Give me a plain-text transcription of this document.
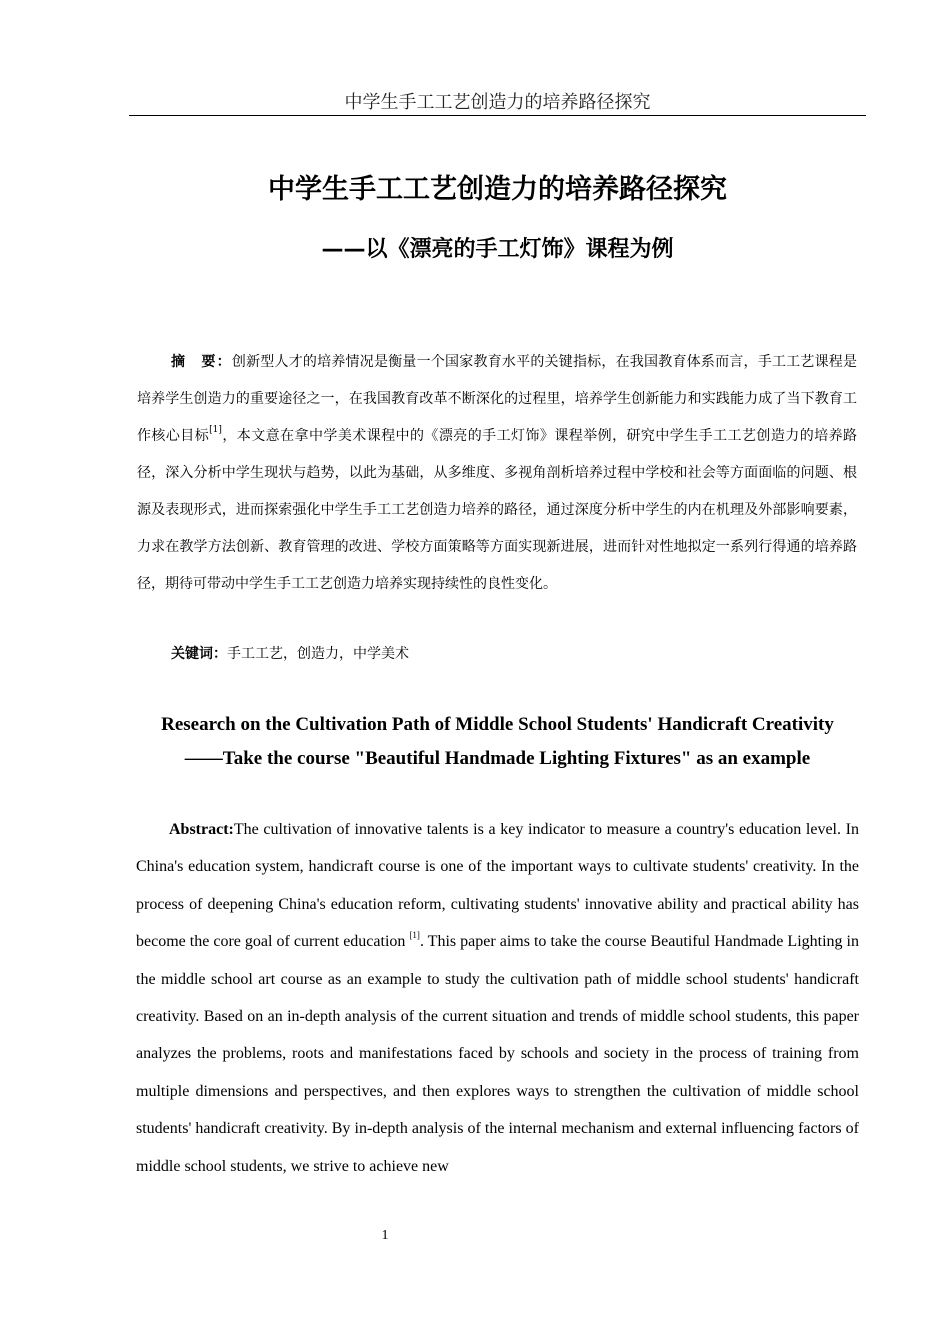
中学生手工工艺创造力的培养路径探究
中学生手工工艺创造力的培养路径探究
——以《漂亮的手工灯饰》课程为例

摘　要：创新型人才的培养情况是衡量一个国家教育水平的关键指标，在我国教育体系而言，手工工艺课程是培养学生创造力的重要途径之一，在我国教育改革不断深化的过程里，培养学生创新能力和实践能力成了当下教育工作核心目标[1]，本文意在拿中学美术课程中的《漂亮的手工灯饰》课程举例，研究中学生手工工艺创造力的培养路径，深入分析中学生现状与趋势，以此为基础，从多维度、多视角剖析培养过程中学校和社会等方面面临的问题、根源及表现形式，进而探索强化中学生手工工艺创造力培养的路径，通过深度分析中学生的内在机理及外部影响要素，力求在教学方法创新、教育管理的改进、学校方面策略等方面实现新进展，进而针对性地拟定一系列行得通的培养路径，期待可带动中学生手工工艺创造力培养实现持续性的良性变化。

关键词：手工工艺，创造力，中学美术

Research on the Cultivation Path of Middle School Students' Handicraft Creativity
——Take the course "Beautiful Handmade Lighting Fixtures" as an example

Abstract:The cultivation of innovative talents is a key indicator to measure a country's education level. In China's education system, handicraft course is one of the important ways to cultivate students' creativity. In the process of deepening China's education reform, cultivating students' innovative ability and practical ability has become the core goal of current education [1]. This paper aims to take the course Beautiful Handmade Lighting in the middle school art course as an example to study the cultivation path of middle school students' handicraft creativity. Based on an in-depth analysis of the current situation and trends of middle school students, this paper analyzes the problems, roots and manifestations faced by schools and society in the process of training from multiple dimensions and perspectives, and then explores ways to strengthen the cultivation of middle school students' handicraft creativity. By in-depth analysis of the internal mechanism and external influencing factors of middle school students, we strive to achieve new

1
